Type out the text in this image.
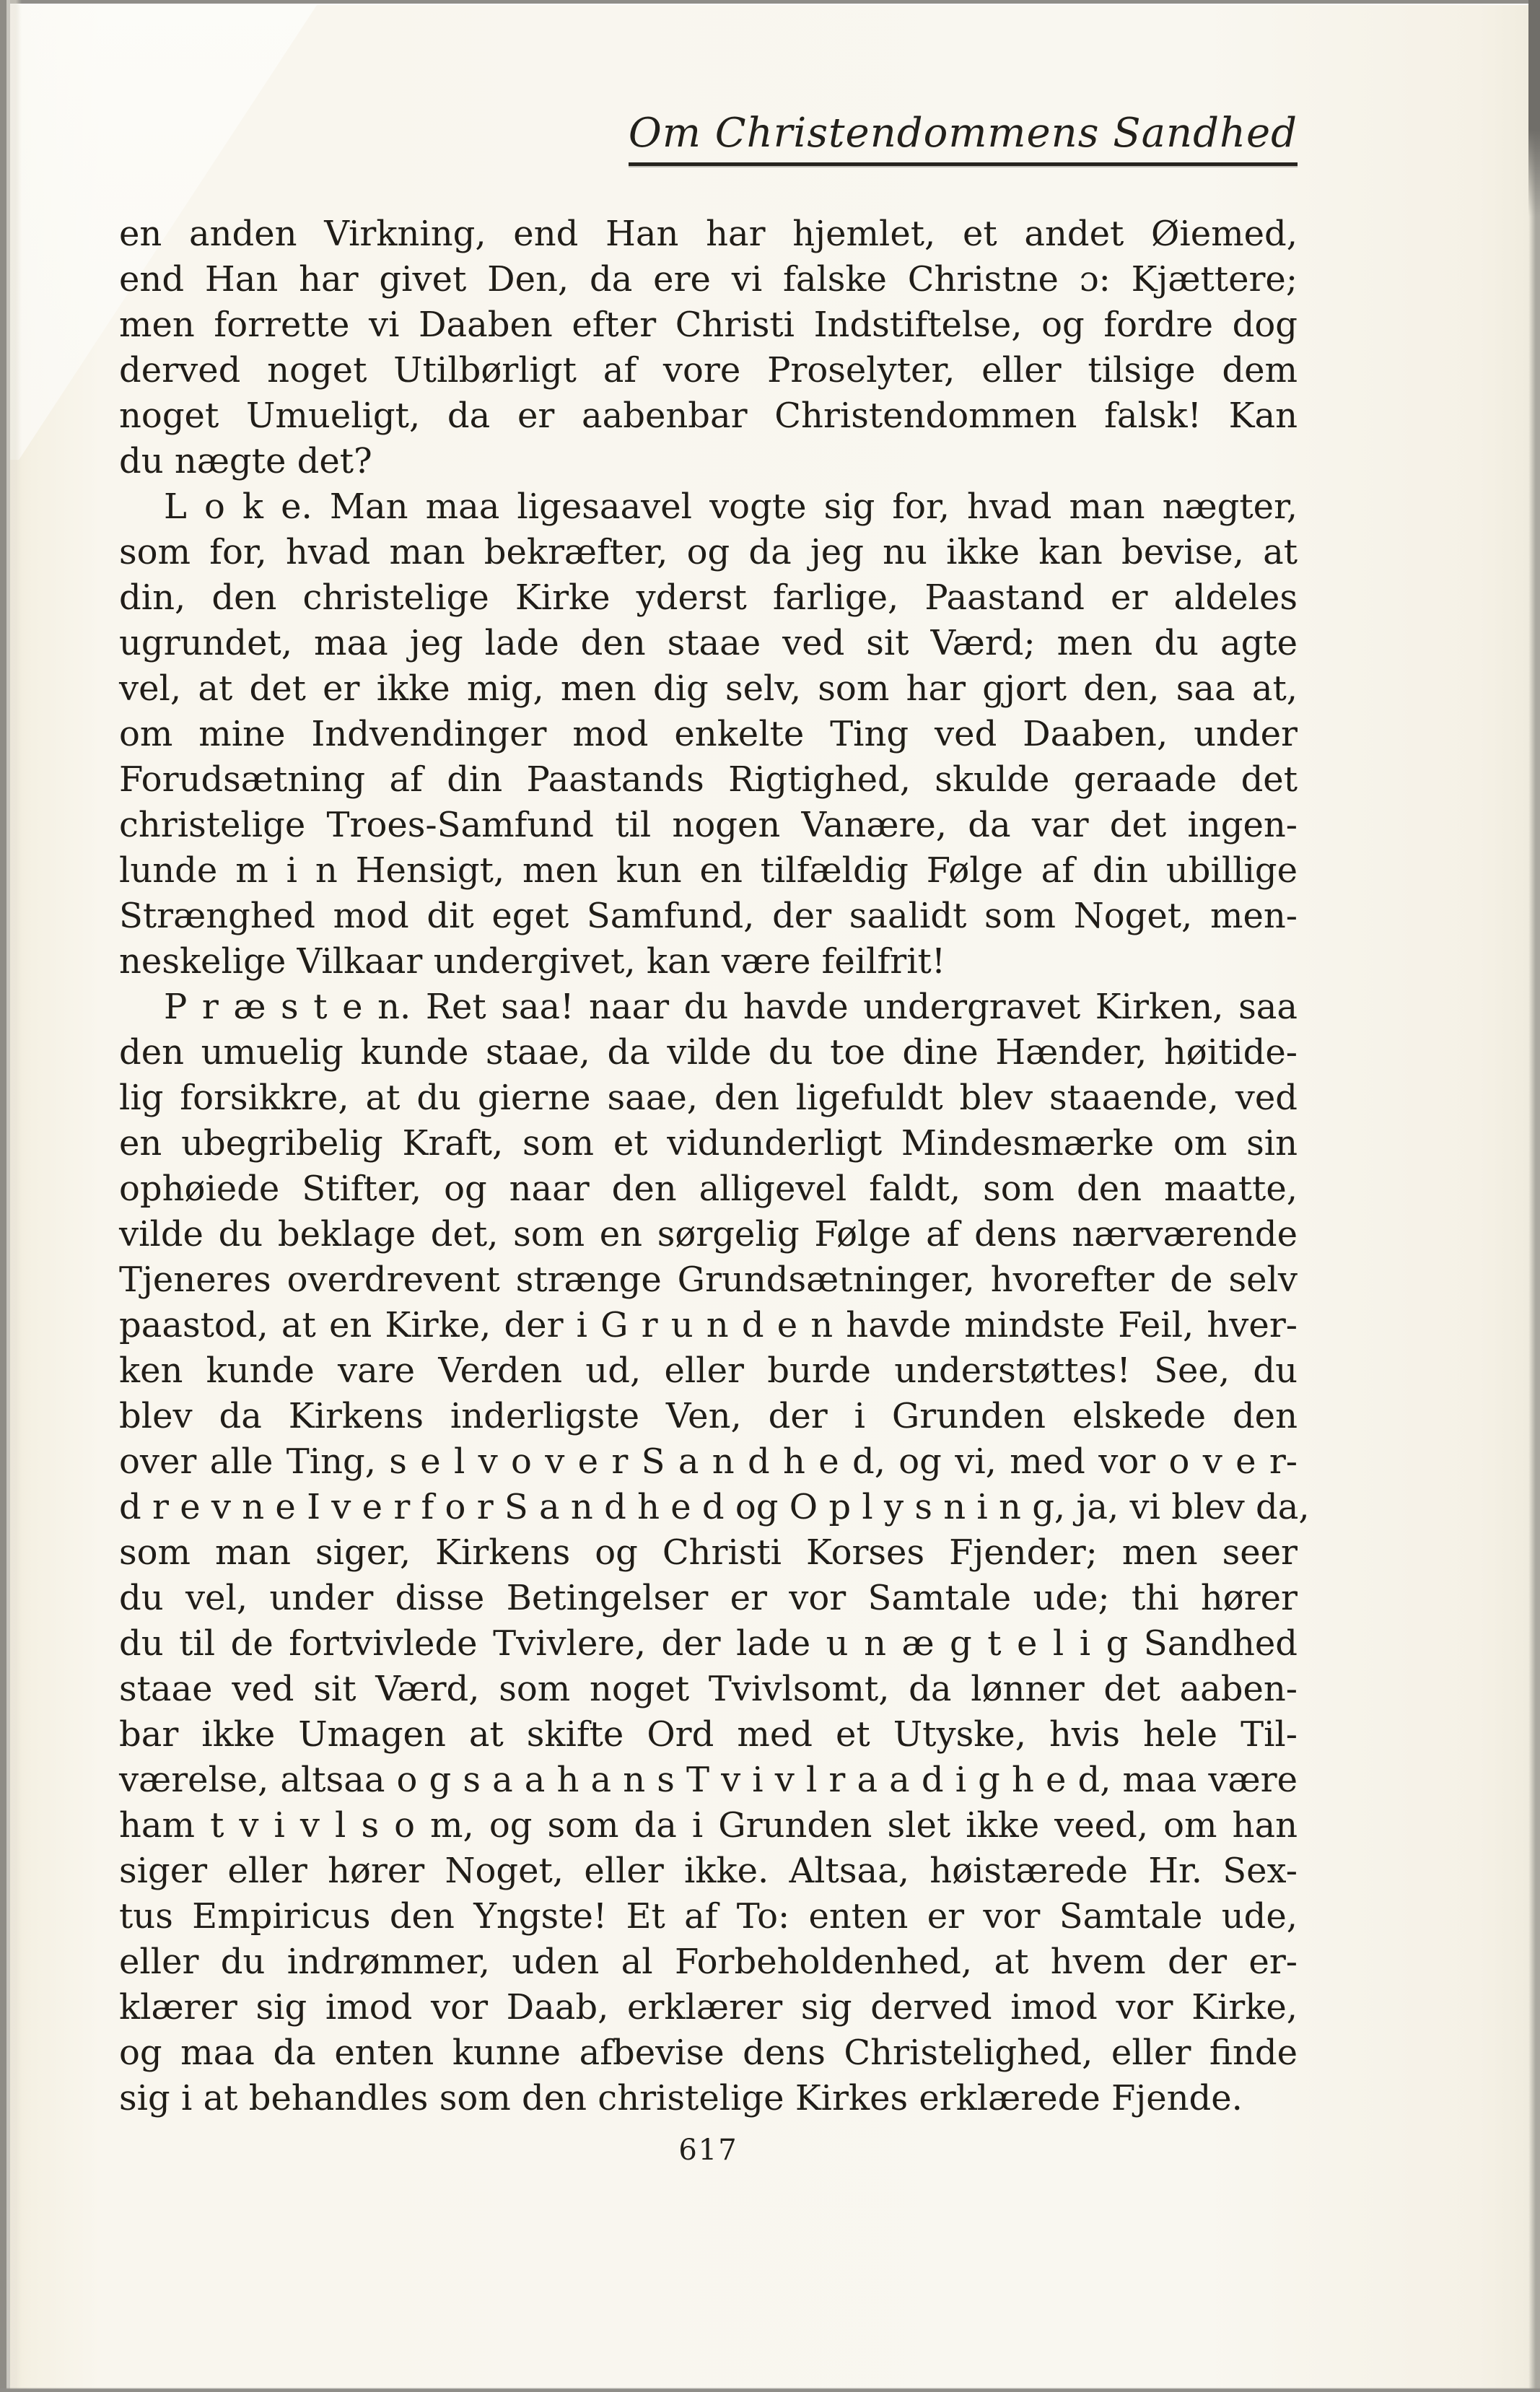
Om Christendommens Sandhed
en anden Virkning, end Han har hjemlet, et andet Øiemed,
end Han har givet Den, da ere vi falske Christne ɔ: Kjættere;
men forrette vi Daaben efter Christi Indstiftelse, og fordre dog
derved noget Utilbørligt af vore Proselyter, eller tilsige dem
noget Umueligt, da er aabenbar Christendommen falsk! Kan
du nægte det?
L o k e. Man maa ligesaavel vogte sig for, hvad man nægter,
som for, hvad man bekræfter, og da jeg nu ikke kan bevise, at
din, den christelige Kirke yderst farlige, Paastand er aldeles
ugrundet, maa jeg lade den staae ved sit Værd; men du agte
vel, at det er ikke mig, men dig selv, som har gjort den, saa at,
om mine Indvendinger mod enkelte Ting ved Daaben, under
Forudsætning af din Paastands Rigtighed, skulde geraade det
christelige Troes-Samfund til nogen Vanære, da var det ingen-
lunde m i n Hensigt, men kun en tilfældig Følge af din ubillige
Strænghed mod dit eget Samfund, der saalidt som Noget, men-
neskelige Vilkaar undergivet, kan være feilfrit!
P r æ s t e n. Ret saa! naar du havde undergravet Kirken, saa
den umuelig kunde staae, da vilde du toe dine Hænder, høitide-
lig forsikkre, at du gierne saae, den ligefuldt blev staaende, ved
en ubegribelig Kraft, som et vidunderligt Mindesmærke om sin
ophøiede Stifter, og naar den alligevel faldt, som den maatte,
vilde du beklage det, som en sørgelig Følge af dens nærværende
Tjeneres overdrevent strænge Grundsætninger, hvorefter de selv
paastod, at en Kirke, der i G r u n d e n havde mindste Feil, hver-
ken kunde vare Verden ud, eller burde understøttes! See, du
blev da Kirkens inderligste Ven, der i Grunden elskede den
over alle Ting, s e l v o v e r S a n d h e d, og vi, med vor o v e r-
d r e v n e I v e r f o r S a n d h e d og O p l y s n i n g, ja, vi blev da,
som man siger, Kirkens og Christi Korses Fjender; men seer
du vel, under disse Betingelser er vor Samtale ude; thi hører
du til de fortvivlede Tvivlere, der lade u n æ g t e l i g Sandhed
staae ved sit Værd, som noget Tvivlsomt, da lønner det aaben-
bar ikke Umagen at skifte Ord med et Utyske, hvis hele Til-
værelse, altsaa o g s a a h a n s T v i v l r a a d i g h e d, maa være
ham t v i v l s o m, og som da i Grunden slet ikke veed, om han
siger eller hører Noget, eller ikke. Altsaa, høistærede Hr. Sex-
tus Empiricus den Yngste! Et af To: enten er vor Samtale ude,
eller du indrømmer, uden al Forbeholdenhed, at hvem der er-
klærer sig imod vor Daab, erklærer sig derved imod vor Kirke,
og maa da enten kunne afbevise dens Christelighed, eller finde
sig i at behandles som den christelige Kirkes erklærede Fjende.
617
